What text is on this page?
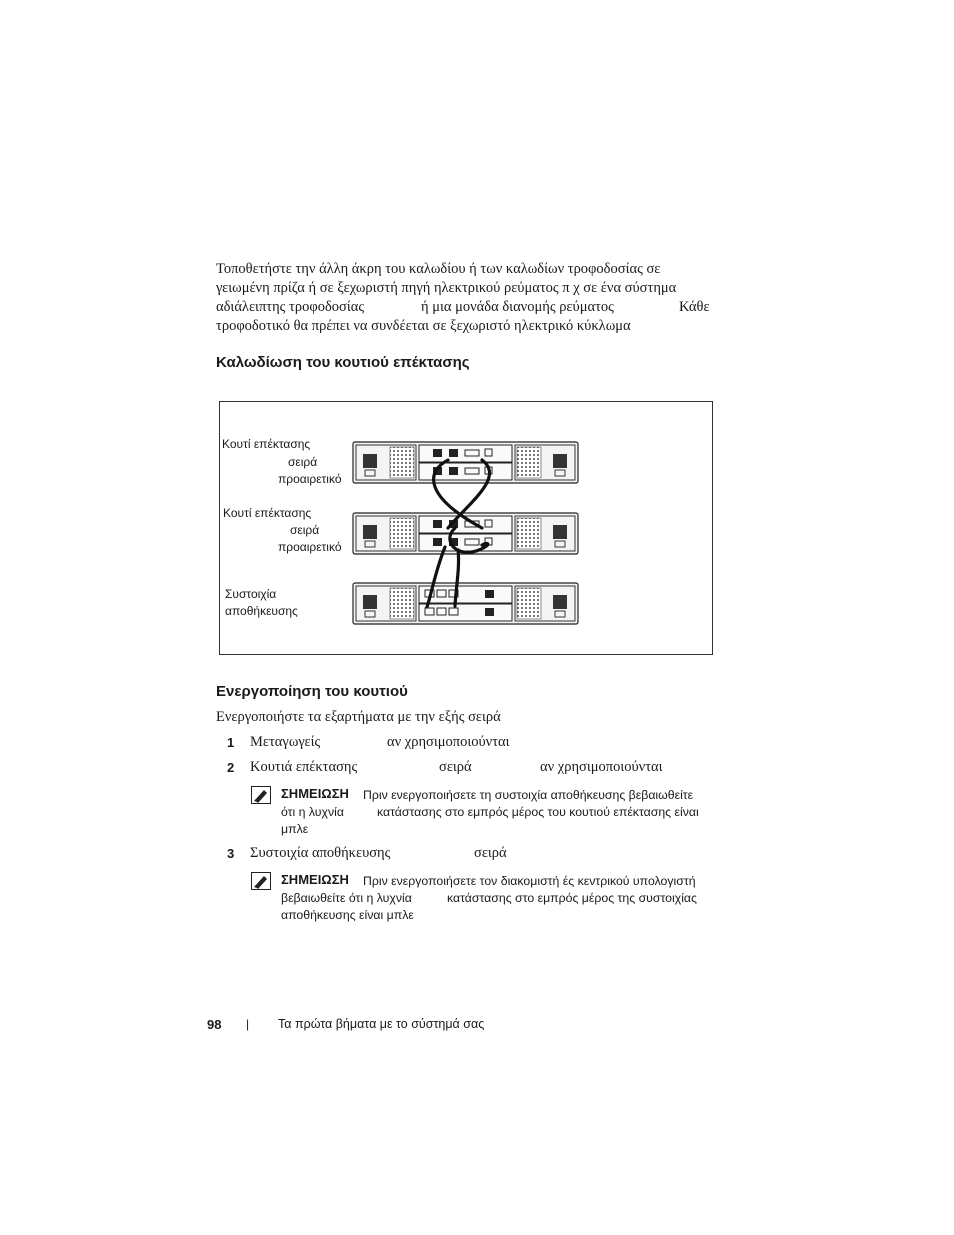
Τοποθετήστε την άλλη άκρη του καλωδίου ή των καλωδίων τροφοδοσίας σε
γειωμένη πρίζα ή σε ξεχωριστή πηγή ηλεκτρικού ρεύματος π χ σε ένα σύστημα
αδιάλειπτης τροφοδοσίας	ή μια μονάδα διανομής ρεύματος	Κάθε
τροφοδοτικό θα πρέπει να συνδέεται σε ξεχωριστό ηλεκτρικό κύκλωμα
Καλωδίωση του κουτιού επέκτασης
Κουτί επέκτασης
σειρά
προαιρετικό
Κουτί επέκτασης
σειρά
προαιρετικό
Συστοιχία
αποθήκευσης
Ενεργοποίηση του κουτιού
Ενεργοποιήστε τα εξαρτήματα με την εξής σειρά
1 Μεταγωγείς	αν χρησιμοποιούνται
2 Κουτιά επέκτασης	σειρά	αν χρησιμοποιούνται
ΣΗΜΕΙΩΣΗ Πριν ενεργοποιήσετε τη συστοιχία αποθήκευσης βεβαιωθείτε
ότι η λυχνία	κατάστασης στο εμπρός μέρος του κουτιού επέκτασης είναι
μπλε
3 Συστοιχία αποθήκευσης	σειρά
ΣΗΜΕΙΩΣΗ Πριν ενεργοποιήσετε τον διακομιστή ές κεντρικού υπολογιστή
βεβαιωθείτε ότι η λυχνία	κατάστασης στο εμπρός μέρος της συστοιχίας
αποθήκευσης είναι μπλε
98 | Τα πρώτα βήματα με το σύστημά σας
